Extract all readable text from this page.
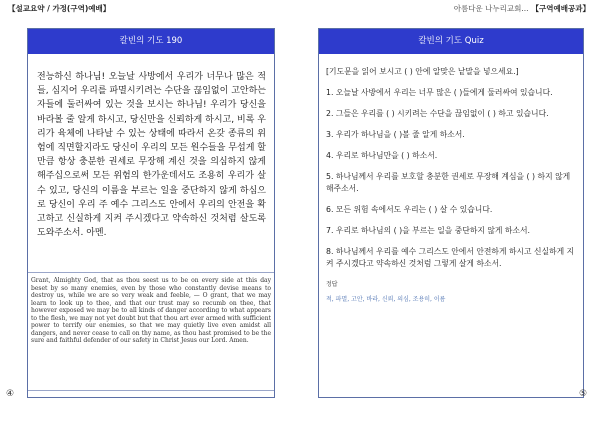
【설교요약 / 가정(구역)예배】	아름다운 나누리교회... 【구역예배공과】
칼빈의 기도 190
전능하신 하나님! 오늘날 사방에서 우리가 너무나 많은 적들, 심지어 우리를 파멸시키려는 수단을 끊임없이 고안하는 자들에 둘러싸여 있는 것을 보시는 하나님! 우리가 당신을 바라볼 줄 알게 하시고, 당신만을 신뢰하게 하시고, 비록 우리가 육체에 나타날 수 있는 상태에 따라서 온갖 종류의 위험에 직면할지라도 당신이 우리의 모든 원수들을 무섭게 할 만큼 항상 충분한 권세로 무장해 계신 것을 의심하지 않게 해주십으로써 모든 위험의 한가운데서도 조용히 우리가 살 수 있고, 당신의 이름을 부르는 일을 중단하지 않게 하심으로 당신이 우리 주 예수 그리스도 안에서 우리의 안전을 확고하고 신실하게 지켜 주시겠다고 약속하신 것처럼 살도록 도와주소서. 아멘.
Grant, Almighty God, that as thou seest us to be on every side at this day beset by so many enemies, even by those who constantly devise means to destroy us, while we are so very weak and feeble, — O grant, that we may learn to look up to thee, and that our trust may so recumb on thee, that however exposed we may be to all kinds of danger according to what appears to the flesh, we may not yet doubt but that thou art ever armed with sufficient power to terrify our enemies, so that we may quietly live even amidst all dangers, and never cease to call on thy name, as thou hast promised to be the sure and faithful defender of our safety in Christ Jesus our Lord. Amen.
칼빈의 기도 Quiz
[기도문을 읽어 보시고 ( ) 안에 알맞은 낱말을 넣으세요.]
1. 오늘날 사방에서 우리는 너무 많은 ( )들에게 둘러싸여 있습니다.
2. 그들은 우리를 ( ) 시키려는 수단을 끊임없이 ( ) 하고 있습니다.
3. 우리가 하나님을 ( )볼 줄 알게 하소서.
4. 우리로 하나님만을 ( ) 하소서.
5. 하나님께서 우리를 보호할 충분한 권세로 무장해 계심을 ( ) 하지 않게 해주소서.
6. 모든 위험 속에서도 우리는 ( ) 살 수 있습니다.
7. 우리로 하나님의 ( )을 부르는 일을 중단하지 않게 하소서.
8. 하나님께서 우리를 예수 그리스도 안에서 안전하게 하시고 신실하게 지켜 주시겠다고 약속하신 것처럼 그렇게 살게 하소서.
정답
적, 파멸, 고안, 바라, 신뢰, 의심, 조용히, 이름
④	⑤
